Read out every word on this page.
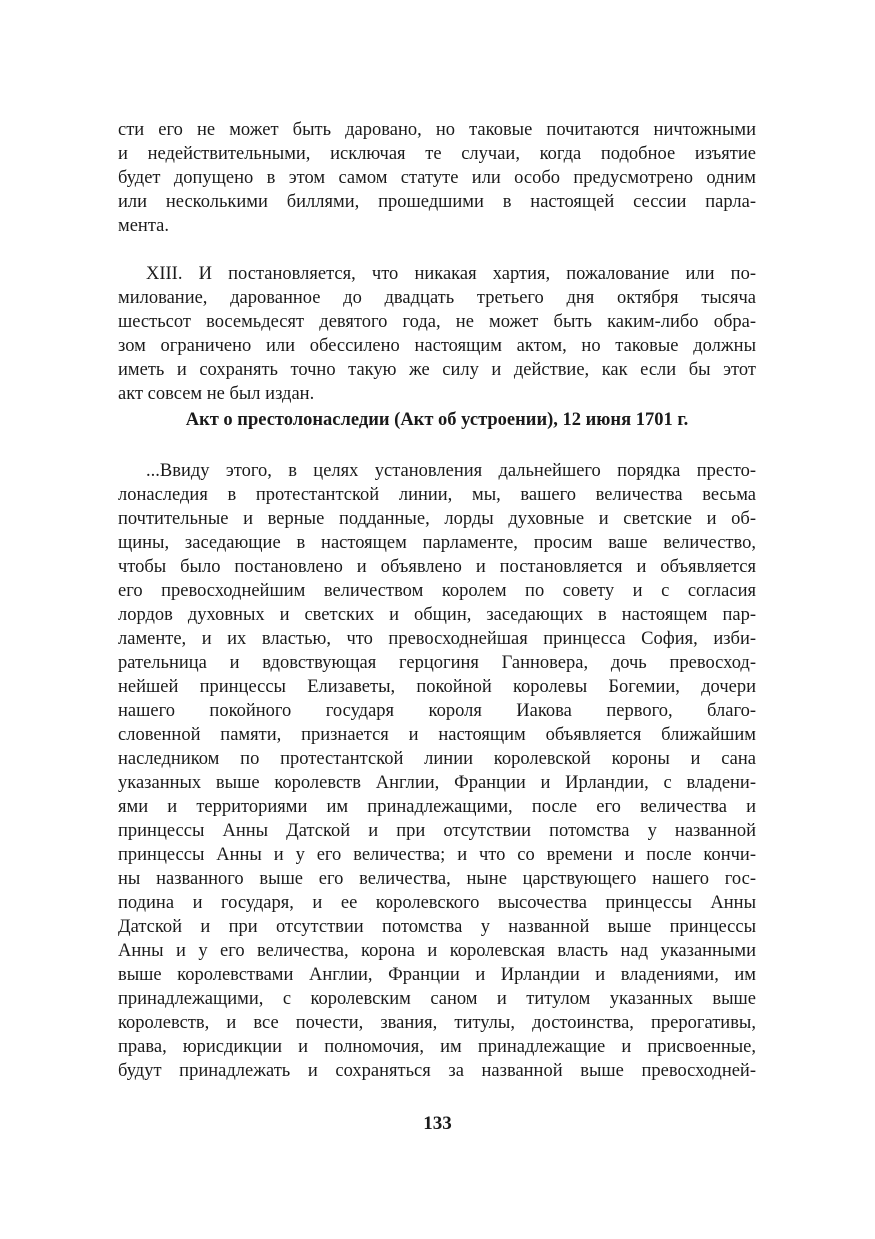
сти его не может быть даровано, но таковые почитаются ничтожными
и недействительными, исключая те случаи, когда подобное изъятие
будет допущено в этом самом статуте или особо предусмотрено одним
или несколькими биллями, прошедшими в настоящей сессии парла-
мента.
XIII. И постановляется, что никакая хартия, пожалование или по-
милование, дарованное до двадцать третьего дня октября тысяча
шестьсот восемьдесят девятого года, не может быть каким-либо обра-
зом ограничено или обессилено настоящим актом, но таковые должны
иметь и сохранять точно такую же силу и действие, как если бы этот
акт совсем не был издан.
Акт о престолонаследии (Акт об устроении), 12 июня 1701 г.
...Ввиду этого, в целях установления дальнейшего порядка престо-
лонаследия в протестантской линии, мы, вашего величества весьма
почтительные и верные подданные, лорды духовные и светские и об-
щины, заседающие в настоящем парламенте, просим ваше величество,
чтобы было постановлено и объявлено и постановляется и объявляется
его превосходнейшим величеством королем по совету и с согласия
лордов духовных и светских и общин, заседающих в настоящем пар-
ламенте, и их властью, что превосходнейшая принцесса София, изби-
рательница и вдовствующая герцогиня Ганновера, дочь превосход-
нейшей принцессы Елизаветы, покойной королевы Богемии, дочери
нашего покойного государя короля Иакова первого, благо-
словенной памяти, признается и настоящим объявляется ближайшим
наследником по протестантской линии королевской короны и сана
указанных выше королевств Англии, Франции и Ирландии, с владени-
ями и территориями им принадлежащими, после его величества и
принцессы Анны Датской и при отсутствии потомства у названной
принцессы Анны и у его величества; и что со времени и после кончи-
ны названного выше его величества, ныне царствующего нашего гос-
подина и государя, и ее королевского высочества принцессы Анны
Датской и при отсутствии потомства у названной выше принцессы
Анны и у его величества, корона и королевская власть над указанными
выше королевствами Англии, Франции и Ирландии и владениями, им
принадлежащими, с королевским саном и титулом указанных выше
королевств, и все почести, звания, титулы, достоинства, прерогативы,
права, юрисдикции и полномочия, им принадлежащие и присвоенные,
будут принадлежать и сохраняться за названной выше превосходней-

133
